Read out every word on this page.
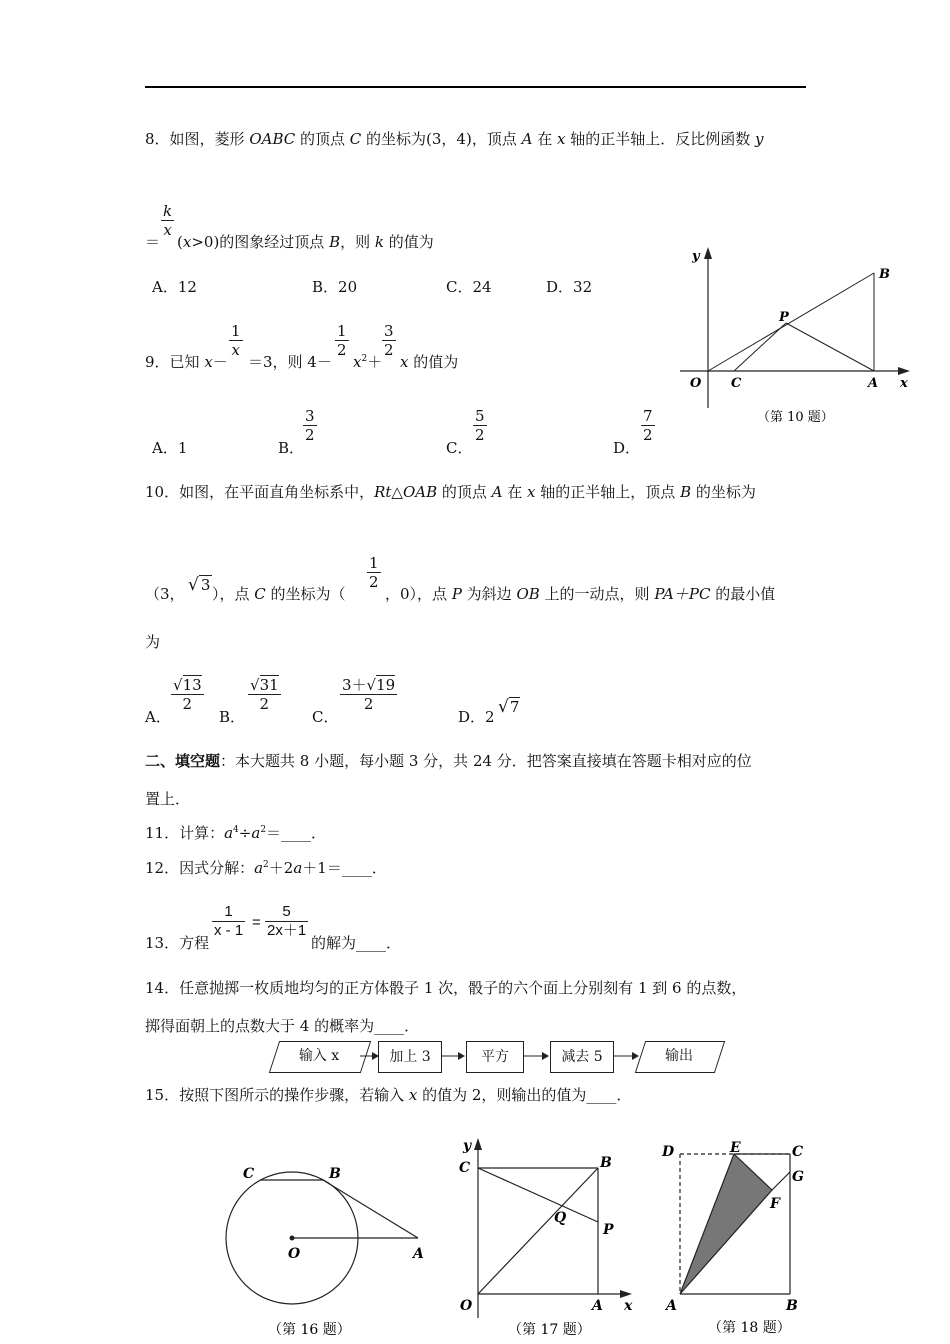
8．如图，菱形 OABC 的顶点 C 的坐标为(3，4)，顶点 A 在 x 轴的正半轴上．反比例函数 y
$\frac{k}{x}$
＝ (x>0)的图象经过顶点 B，则 k 的值为
A．12	B．20	C．24	D．32
y
x
O C	A
P
B
（第 10 题）
9．已知 x－
$\frac{1}{x}$
＝3，则 4－
$\frac{1}{2}$
$x^2+$
$\frac{3}{2}$
x 的值为
A．1	B．
$\frac{3}{2}$
C．
$\frac{5}{2}$
D．
$\frac{7}{2}$
10．如图，在平面直角坐标系中，Rt△OAB 的顶点 A 在 x 轴的正半轴上，顶点 B 的坐标为
（3， √ 3 ），点 C 的坐标为（
$\frac{1}{2}$
，0），点 P 为斜边 OB 上的一动点，则 PA＋PC 的最小值
为
A．
$\frac{√13}{2}$
B．
$\frac{√31}{2}$
C．
$\frac{3+√19}{2}$
D．2 √7
二、填空题：本大题共 8 小题，每小题 3 分，共 24 分．把答案直接填在答题卡相对应的位
置上．
11．计算：$a^4\div a^2=\_\_\_\_$．
12．因式分解：$a^2+2a+1=\_\_\_\_$．
13．方程
$\frac{1}{x - 1} = \frac{5}{2x+1}$
的解为____．
14．任意抛掷一枚质地均匀的正方体骰子 1 次，骰子的六个面上分别刻有 1 到 6 的点数，
掷得面朝上的点数大于 4 的概率为____．
输入 x	加上 3	平方	减去 5	输出
15．按照下图所示的操作步骤，若输入 x 的值为 2，则输出的值为____．
C	B
O	A
（第 16 题）
y
x
C	B
Q
P
O	A
（第 17 题）
D	E	C
G
F
A	B
（第 18 题）
